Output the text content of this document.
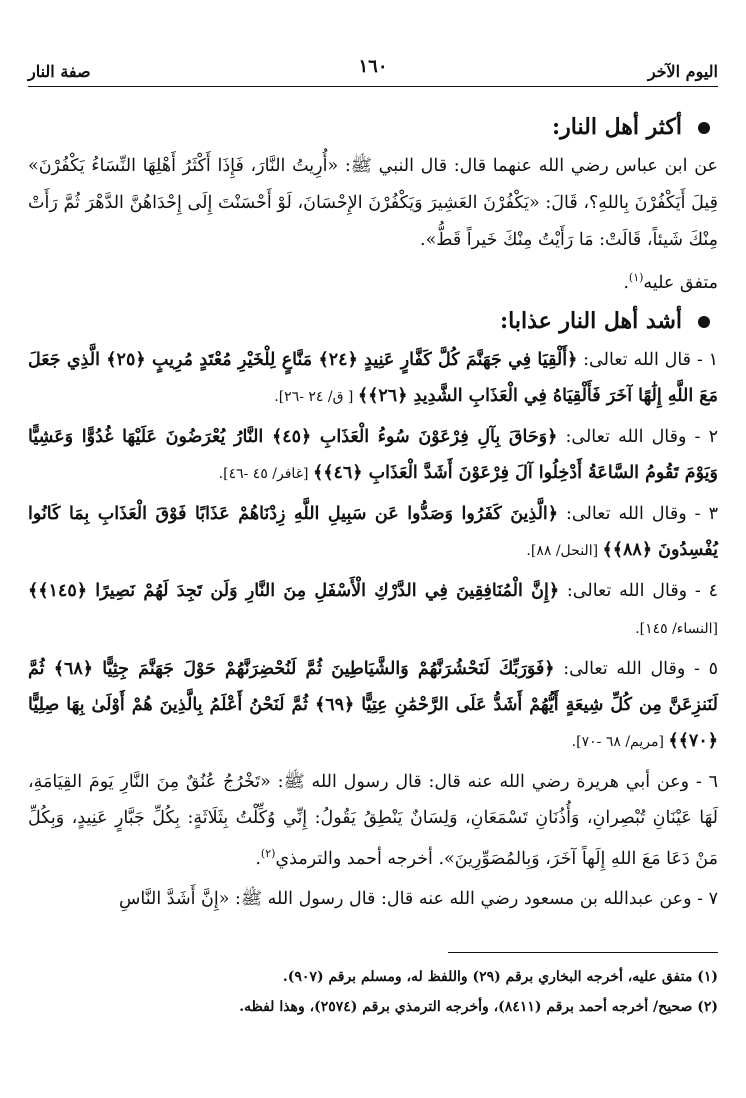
اليوم الآخر
١٦٠
صفة النار
أكثر أهل النار:

عن ابن عباس رضي الله عنهما قال: قال النبي ﷺ: «أُرِيتُ النَّارَ، فَإِذَا أَكْثَرُ أَهْلِهَا النِّسَاءُ يَكْفُرْنَ» قِيلَ أَيَكْفُرْنَ بِاللهِ؟، قَالَ: «يَكْفُرْنَ العَشِيرَ وَيَكْفُرْنَ الإِحْسَانَ، لَوْ أَحْسَنْتَ إِلَى إِحْدَاهُنَّ الدَّهْرَ ثُمَّ رَأَتْ مِنْكَ شَيئاً، قَالَتْ: مَا رَأَيْتُ مِنْكَ خَيراً قَطُّ».
متفق عليه$^{(١)}$.

أشد أهل النار عذابا:
١ - قال الله تعالى: ﴿أَلْقِيَا فِي جَهَنَّمَ كُلَّ كَفَّارٍ عَنِيدٍ ﴿٢٤﴾ مَنَّاعٍ لِلْخَيْرِ مُعْتَدٍ مُرِيبٍ ﴿٢٥﴾ الَّذِي جَعَلَ مَعَ اللَّهِ إِلَٰهًا آخَرَ فَأَلْقِيَاهُ فِي الْعَذَابِ الشَّدِيدِ ﴿٢٦﴾﴾ [ ق/ ٢٤ -٢٦].
٢ - وقال الله تعالى: ﴿وَحَاقَ بِآلِ فِرْعَوْنَ سُوءُ الْعَذَابِ ﴿٤٥﴾ النَّارُ يُعْرَضُونَ عَلَيْهَا غُدُوًّا وَعَشِيًّا وَيَوْمَ تَقُومُ السَّاعَةُ أَدْخِلُوا آلَ فِرْعَوْنَ أَشَدَّ الْعَذَابِ ﴿٤٦﴾﴾ [غافر/ ٤٥ -٤٦].
٣ - وقال الله تعالى: ﴿الَّذِينَ كَفَرُوا وَصَدُّوا عَن سَبِيلِ اللَّهِ زِدْنَاهُمْ عَذَابًا فَوْقَ الْعَذَابِ بِمَا كَانُوا يُفْسِدُونَ ﴿٨٨﴾﴾ [النحل/ ٨٨].
٤ - وقال الله تعالى: ﴿إِنَّ الْمُنَافِقِينَ فِي الدَّرْكِ الْأَسْفَلِ مِنَ النَّارِ وَلَن تَجِدَ لَهُمْ نَصِيرًا ﴿١٤٥﴾﴾ [النساء/ ١٤٥].
٥ - وقال الله تعالى: ﴿فَوَرَبِّكَ لَنَحْشُرَنَّهُمْ وَالشَّيَاطِينَ ثُمَّ لَنُحْضِرَنَّهُمْ حَوْلَ جَهَنَّمَ جِثِيًّا ﴿٦٨﴾ ثُمَّ لَنَنزِعَنَّ مِن كُلِّ شِيعَةٍ أَيُّهُمْ أَشَدُّ عَلَى الرَّحْمَٰنِ عِتِيًّا ﴿٦٩﴾ ثُمَّ لَنَحْنُ أَعْلَمُ بِالَّذِينَ هُمْ أَوْلَىٰ بِهَا صِلِيًّا ﴿٧٠﴾﴾ [مريم/ ٦٨ -٧٠].
٦ - وعن أبي هريرة رضي الله عنه قال: قال رسول الله ﷺ: «تَخْرُجُ عُنُقٌ مِنَ النَّارِ يَومَ القِيَامَةِ، لَهَا عَيْنَانِ تُبْصِرانِ، وَأُذُنَانِ تَسْمَعَانِ، وَلِسَانٌ يَنْطِقُ يَقُولُ: إِنِّي وُكِّلْتُ بِثَلَاثَةٍ: بِكُلِّ جَبَّارٍ عَنِيدٍ، وَبِكُلِّ مَنْ دَعَا مَعَ اللهِ إِلَهاً آخَرَ، وَبِالمُصَوِّرِينَ». أخرجه أحمد والترمذي$^{(٢)}$.
٧ - وعن عبدالله بن مسعود رضي الله عنه قال: قال رسول الله ﷺ: «إِنَّ أَشَدَّ النَّاسِ
(١) متفق عليه، أخرجه البخاري برقم (٢٩) واللفظ له، ومسلم برقم (٩٠٧).
(٢) صحيح/ أخرجه أحمد برقم (٨٤١١)، وأخرجه الترمذي برقم (٢٥٧٤)، وهذا لفظه.
